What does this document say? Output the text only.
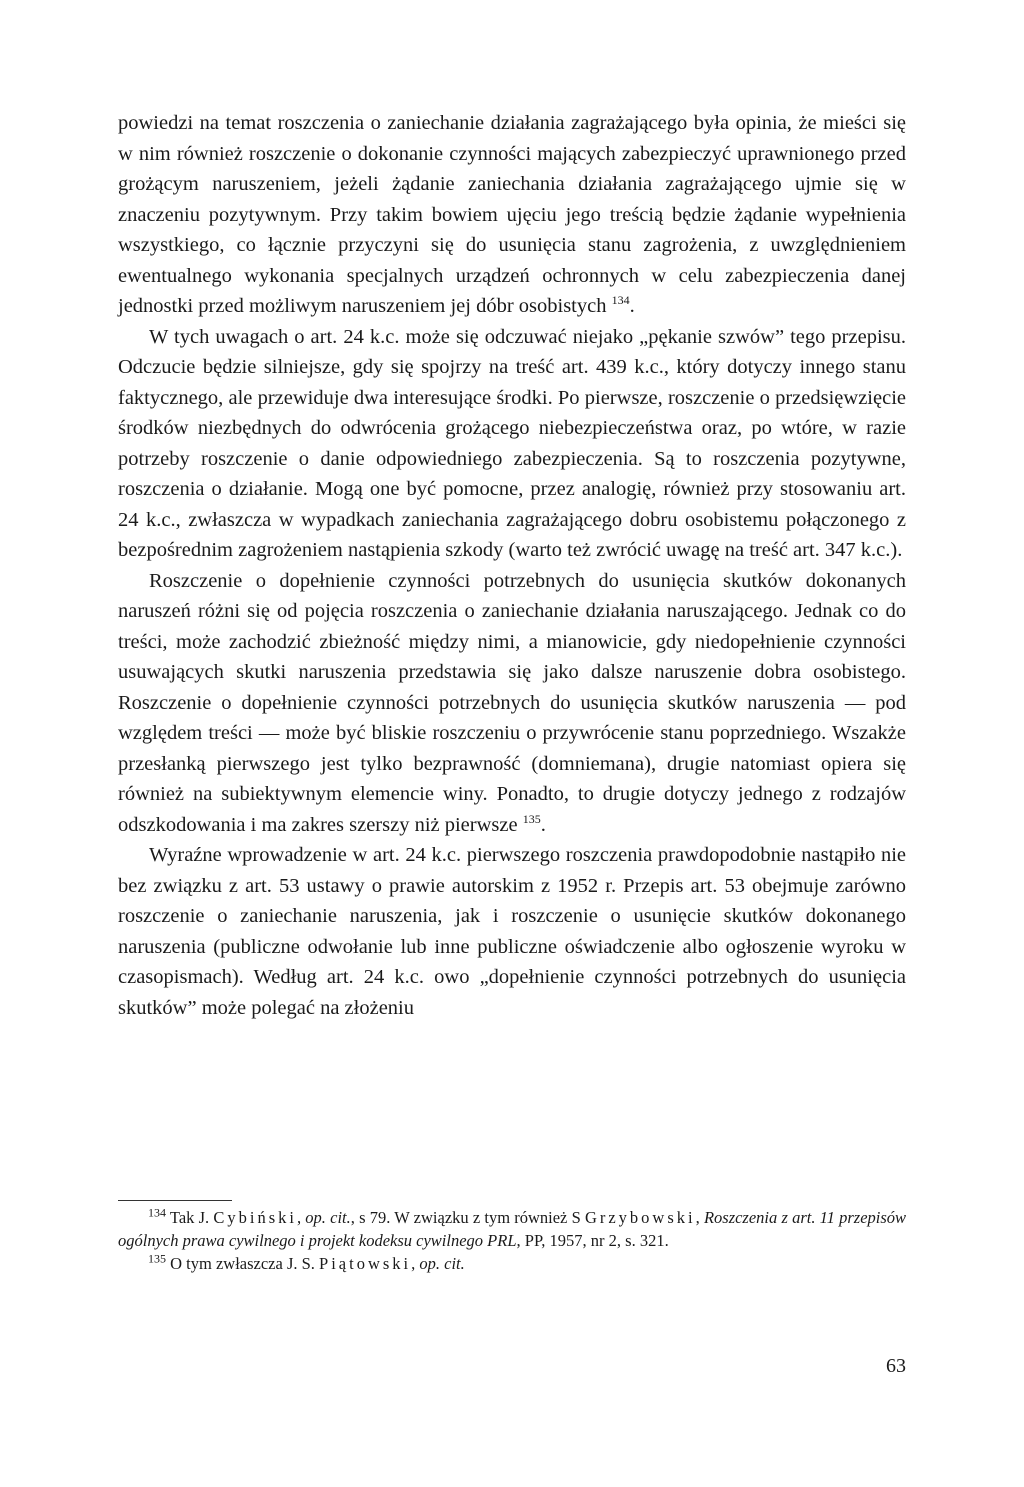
powiedzi na temat roszczenia o zaniechanie działania zagrażającego była opinia, że mieści się w nim również roszczenie o dokonanie czynności mających zabezpieczyć uprawnionego przed grożącym naruszeniem, jeżeli żądanie zaniechania działania zagrażającego ujmie się w znaczeniu pozytywnym. Przy takim bowiem ujęciu jego treścią będzie żądanie wypełnienia wszystkiego, co łącznie przyczyni się do usunięcia stanu zagrożenia, z uwzględnieniem ewentualnego wykonania specjalnych urządzeń ochronnych w celu zabezpieczenia danej jednostki przed możliwym naruszeniem jej dóbr osobistych $^{134}$.

W tych uwagach o art. 24 k.c. może się odczuwać niejako „pękanie szwów” tego przepisu. Odczucie będzie silniejsze, gdy się spojrzy na treść art. 439 k.c., który dotyczy innego stanu faktycznego, ale przewiduje dwa interesujące środki. Po pierwsze, roszczenie o przedsięwzięcie środków niezbędnych do odwrócenia grożącego niebezpieczeństwa oraz, po wtóre, w razie potrzeby roszczenie o danie odpowiedniego zabezpieczenia. Są to roszczenia pozytywne, roszczenia o działanie. Mogą one być pomocne, przez analogię, również przy stosowaniu art. 24 k.c., zwłaszcza w wypadkach zaniechania zagrażającego dobru osobistemu połączonego z bezpośrednim zagrożeniem nastąpienia szkody (warto też zwrócić uwagę na treść art. 347 k.c.).

Roszczenie o dopełnienie czynności potrzebnych do usunięcia skutków dokonanych naruszeń różni się od pojęcia roszczenia o zaniechanie działania naruszającego. Jednak co do treści, może zachodzić zbieżność między nimi, a mianowicie, gdy niedopełnienie czynności usuwających skutki naruszenia przedstawia się jako dalsze naruszenie dobra osobistego. Roszczenie o dopełnienie czynności potrzebnych do usunięcia skutków naruszenia — pod względem treści — może być bliskie roszczeniu o przywrócenie stanu poprzedniego. Wszakże przesłanką pierwszego jest tylko bezprawność (domniemana), drugie natomiast opiera się również na subiektywnym elemencie winy. Ponadto, to drugie dotyczy jednego z rodzajów odszkodowania i ma zakres szerszy niż pierwsze $^{135}$.

Wyraźne wprowadzenie w art. 24 k.c. pierwszego roszczenia prawdopodobnie nastąpiło nie bez związku z art. 53 ustawy o prawie autorskim z 1952 r. Przepis art. 53 obejmuje zarówno roszczenie o zaniechanie naruszenia, jak i roszczenie o usunięcie skutków dokonanego naruszenia (publiczne odwołanie lub inne publiczne oświadczenie albo ogłoszenie wyroku w czasopismach). Według art. 24 k.c. owo „dopełnienie czynności potrzebnych do usunięcia skutków” może polegać na złożeniu

$^{134}$ Tak J. Cybiński, op. cit., s 79. W związku z tym również S Grzybowski, Roszczenia z art. 11 przepisów ogólnych prawa cywilnego i projekt kodeksu cywilnego PRL, PP, 1957, nr 2, s. 321.

$^{135}$ O tym zwłaszcza J. S. Piątowski, op. cit.

63
